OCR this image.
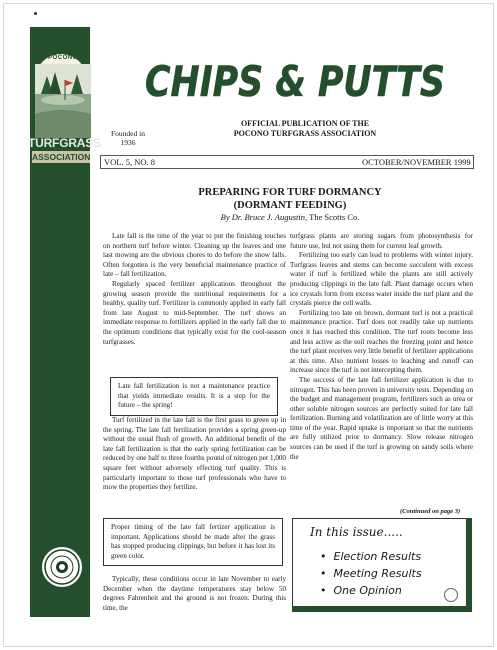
POCONO
TURFGRASS
ASSOCIATION
CHIPS & PUTTS
Founded in
1936
OFFICIAL PUBLICATION OF THE
POCONO TURFGRASS ASSOCIATION
VOL. 5, NO. 8	OCTOBER/NOVEMBER 1999
PREPARING FOR TURF DORMANCY
(DORMANT FEEDING)
By Dr. Bruce J. Augustin, The Scotts Co.

Late fall is the time of the year to put the finishing touches on northern turf before winter. Cleaning up the leaves and one last mowing are the obvious chores to do before the snow falls. Often forgotten is the very beneficial maintenance practice of late – fall fertilization.

Regularly spaced fertilizer applications throughout the growing season provide the nutritional requirements for a healthy, quality turf. Fertilizer is commonly applied in early fall from late August to mid-September. The turf shows an immediate response to fertilizers applied in the early fall due to the optimum conditions that typically exist for the cool-season turfgrasses.

Late fall fertilization is not a maintenance practice that yields immediate results. It is a step for the future – the spring!

Turf fertilized in the late fall is the first grass to green up in the spring. The late fall fertilization provides a spring green-up without the usual flush of growth. An additional benefit of the late fall fertilization is that the early spring fertilization can be reduced by one half to three fourths pound of nitrogen per 1,000 square feet without adversely effecting turf quality. This is particularly important to those turf professionals who have to mow the properties they fertilize.

Proper timing of the late fall fertizer application is important. Applications should be made after the grass has stopped producing clippings, but before it has lost its green color.

Typically, these conditions occur in late November to early December when the daytime temperatures stay below 50 degrees Fahrenheit and the ground is not frozen. During this time, the

turfgrass plants are storing sugars from photosynthesis for future use, but not using them for current leaf growth.

Fertilizing too early can lead to problems with winter injury. Turfgrass leaves and stems can become succulent with excess water if turf is fertilized while the plants are still actively producing clippings in the late fall. Plant damage occurs when ice crystals form from excess water inside the turf plant and the crystals pierce the cell walls.

Fertilizing too late on brown, dormant turf is not a practical maintenance practice. Turf does not readily take up nutrients once it has reached this condition. The turf roots become less and less active as the soil reaches the freezing point and hence the turf plant receives very little benefit of fertilizer applications at this time. Also nutrient losses to leaching and runoff can increase since the turf is not intercepting them.

The success of the late fall fertilizer application is due to nitrogen. This has been proven in university tests. Depending on the budget and management program, fertilizers such as urea or other soluble nitrogen sources are perfectly suited for late fall fertilization. Burning and volatilization are of little worry at this time of the year. Rapid uptake is important so that the nutrients are fully utilized prior to dormancy. Slow release nitrogen sources can be used if the turf is growing on sandy soils where the

(Continued on page 3)
In this issue.....
• Election Results
• Meeting Results
• One Opinion
